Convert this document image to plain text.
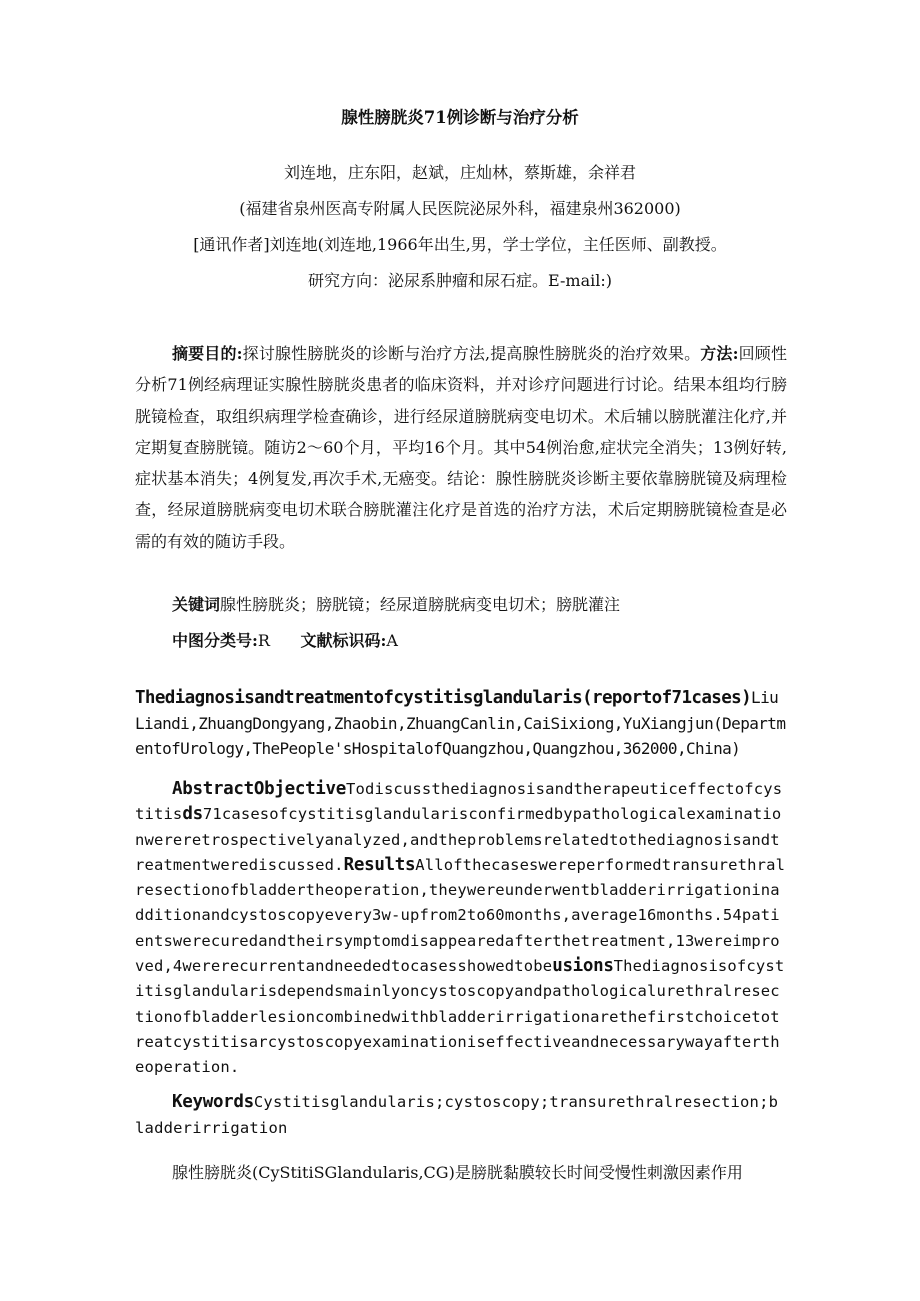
腺性膀胱炎71例诊断与治疗分析
刘连地，庄东阳，赵斌，庄灿林，蔡斯雄，余祥君
(福建省泉州医高专附属人民医院泌尿外科，福建泉州362000)
[通讯作者]刘连地(刘连地,1966年出生,男，学士学位，主任医师、副教授。
研究方向：泌尿系肿瘤和尿石症。E-mail:)
摘要目的:探讨腺性膀胱炎的诊断与治疗方法,提高腺性膀胱炎的治疗效果。方法:回顾性分析71例经病理证实腺性膀胱炎患者的临床资料，并对诊疗问题进行讨论。结果本组均行膀胱镜检查，取组织病理学检查确诊，进行经尿道膀胱病变电切术。术后辅以膀胱灌注化疗,并定期复查膀胱镜。随访2～60个月，平均16个月。其中54例治愈,症状完全消失；13例好转,症状基本消失；4例复发,再次手术,无癌变。结论：腺性膀胱炎诊断主要依靠膀胱镜及病理检查，经尿道膀胱病变电切术联合膀胱灌注化疗是首选的治疗方法，术后定期膀胱镜检查是必需的有效的随访手段。
关键词腺性膀胱炎；膀胱镜；经尿道膀胱病变电切术；膀胱灌注
中图分类号:R 文献标识码:A
Thediagnosisandtreatmentofcystitisglandularis(reportof71cases)LiuLiandi,ZhuangDongyang,Zhaobin,ZhuangCanlin,CaiSixiong,YuXiangjun(DepartmentofUrology,ThePeople'sHospitalofQuangzhou,Quangzhou,362000,China)
AbstractObjectiveTodiscussthediagnosisandtherapeuticeffectofcystitisds71casesofcystitisglandularisconfirmedbypathologicalexaminationwereretrospectivelyanalyzed,andtheproblemsrelatedtothediagnosisandtreatmentwerediscussed.ResultsAllofthecaseswereperformedtransurethralresectionofbladdertheoperation,theywereunderwentbladderirrigationinadditionandcystoscopyevery3w-upfrom2to60months,average16months.54patientswerecuredandtheirsymptomdisappearedafterthetreatment,13wereimproved,4wererecurrentandneededtocasesshowedtobeusionsThediagnosisofcystitisglandularisdependsmainlyoncystoscopyandpathologicalurethralresectionofbladderlesioncombinedwithbladderirrigationarethefirstchoicetotreatcystitisarcystoscopyexaminationiseffectiveandnecessarywayaftertheoperation.
KeywordsCystitisglandularis;cystoscopy;transurethralresection;bladderirrigation
腺性膀胱炎(CyStitiSGlandularis,CG)是膀胱黏膜较长时间受慢性刺激因素作用
